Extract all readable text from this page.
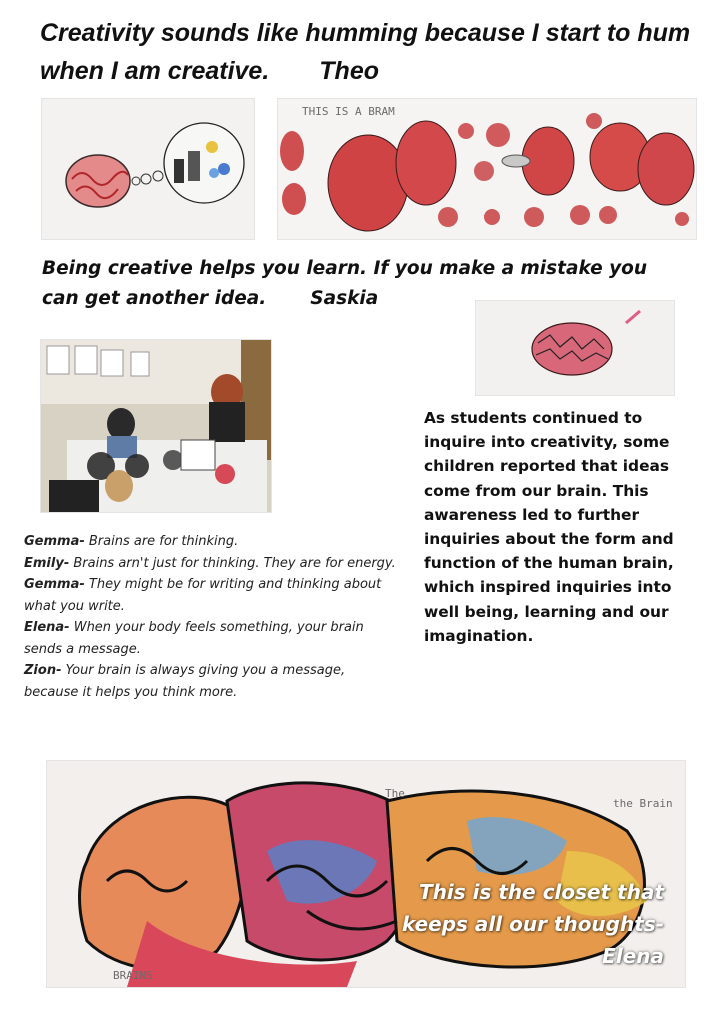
Creativity sounds like humming because I start to hum when I am creative. Theo

THIS IS A BRAM

Being creative helps you learn. If you make a mistake you can get another idea. Saskia

Gemma- Brains are for thinking.
Emily- Brains arn't just for thinking. They are for energy.
Gemma- They might be for writing and thinking about what you write.
Elena- When your body feels something, your brain sends a message.
Zion- Your brain is always giving you a message, because it helps you think more.

As students continued to inquire into creativity, some children reported that ideas come from our brain. This awareness led to further inquiries about the form and function of the human brain, which inspired inquiries into well being, learning and our imagination.

The
the Brain
BRAINS

This is the closet that keeps all our thoughts- Elena
